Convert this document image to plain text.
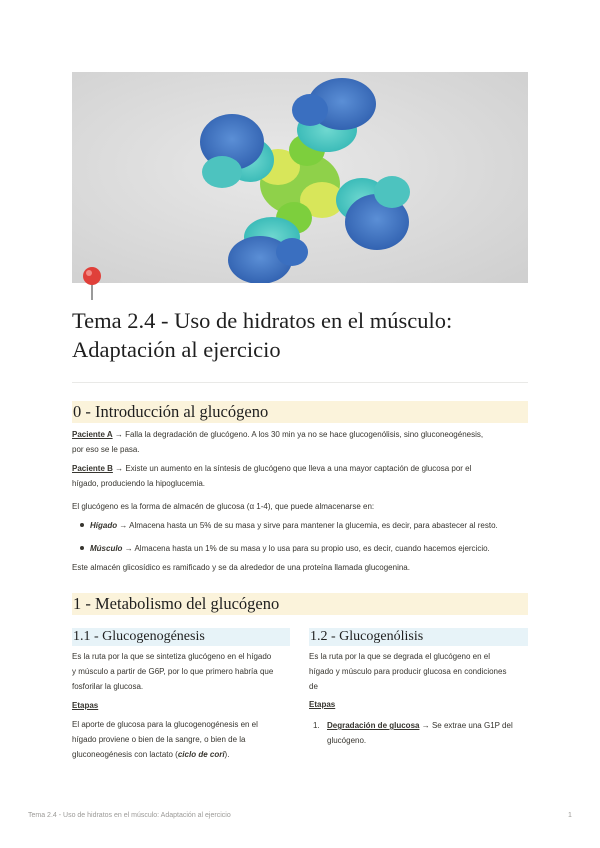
Tema 2.4 - Uso de hidratos en el músculo:
Adaptación al ejercicio
0 - Introducción al glucógeno
Paciente A → Falla la degradación de glucógeno. A los 30 min ya no se hace glucogenólisis, sino gluconeogénesis,
por eso se le pasa.
Paciente B → Existe un aumento en la síntesis de glucógeno que lleva a una mayor captación de glucosa por el
hígado, produciendo la hipoglucemia.
El glucógeno es la forma de almacén de glucosa (α 1-4), que puede almacenarse en:
Hígado → Almacena hasta un 5% de su masa y sirve para mantener la glucemia, es decir, para abastecer al resto.
Músculo → Almacena hasta un 1% de su masa y lo usa para su propio uso, es decir, cuando hacemos ejercicio.
Este almacén glicosídico es ramificado y se da alrededor de una proteína llamada glucogenina.
1 - Metabolismo del glucógeno
1.1 - Glucogenogénesis
Es la ruta por la que se sintetiza glucógeno en el hígado
y músculo a partir de G6P, por lo que primero habría que
fosforilar la glucosa.
Etapas
El aporte de glucosa para la glucogenogénesis en el
hígado proviene o bien de la sangre, o bien de la
gluconeogénesis con lactato (ciclo de cori).
1.2 - Glucogenólisis
Es la ruta por la que se degrada el glucógeno en el
hígado y músculo para producir glucosa en condiciones
de
Etapas
1. Degradación de glucosa → Se extrae una G1P del
glucógeno.
Tema 2.4 - Uso de hidratos en el músculo: Adaptación al ejercicio	1
